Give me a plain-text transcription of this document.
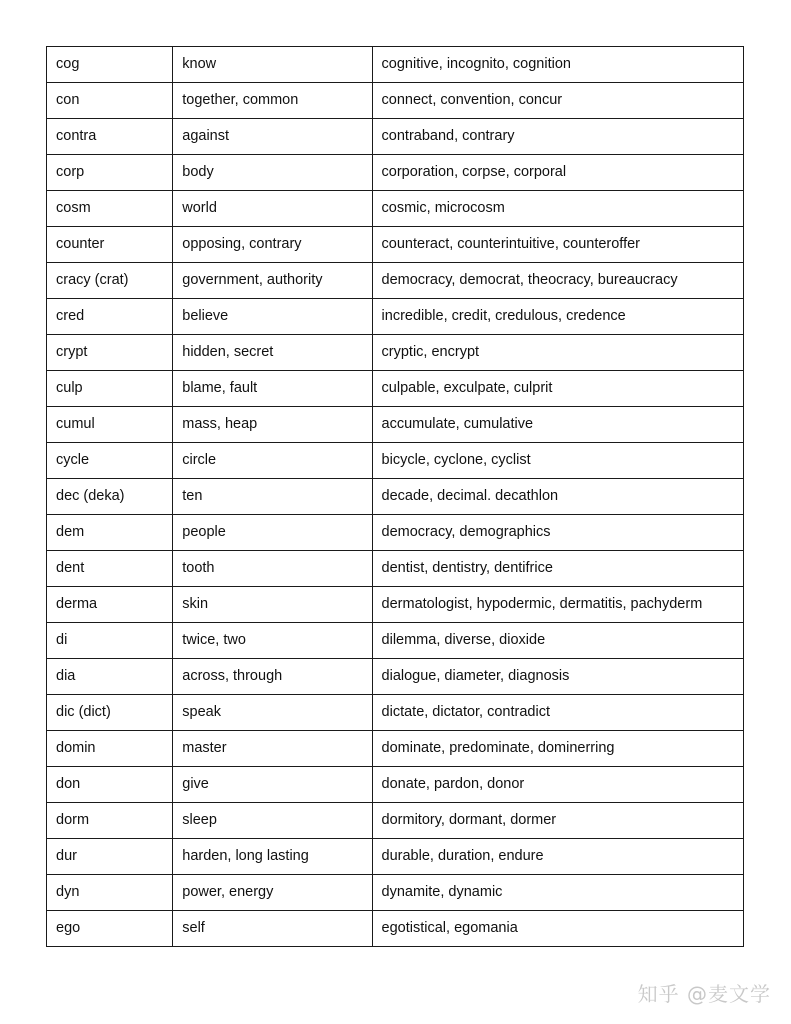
cog	know	cognitive, incognito, cognition
con	together, common	connect, convention, concur
contra	against	contraband, contrary
corp	body	corporation, corpse, corporal
cosm	world	cosmic, microcosm
counter	opposing, contrary	counteract, counterintuitive, counteroffer
cracy (crat)	government, authority	democracy, democrat, theocracy, bureaucracy
cred	believe	incredible, credit, credulous, credence
crypt	hidden, secret	cryptic, encrypt
culp	blame, fault	culpable, exculpate, culprit
cumul	mass, heap	accumulate, cumulative
cycle	circle	bicycle, cyclone, cyclist
dec (deka)	ten	decade, decimal. decathlon
dem	people	democracy, demographics
dent	tooth	dentist, dentistry, dentifrice
derma	skin	dermatologist, hypodermic, dermatitis, pachyderm
di	twice, two	dilemma, diverse, dioxide
dia	across, through	dialogue, diameter, diagnosis
dic (dict)	speak	dictate, dictator, contradict
domin	master	dominate, predominate, dominerring
don	give	donate, pardon, donor
dorm	sleep	dormitory, dormant, dormer
dur	harden, long lasting	durable, duration, endure
dyn	power, energy	dynamite, dynamic
ego	self	egotistical, egomania
知乎 @麦文学
